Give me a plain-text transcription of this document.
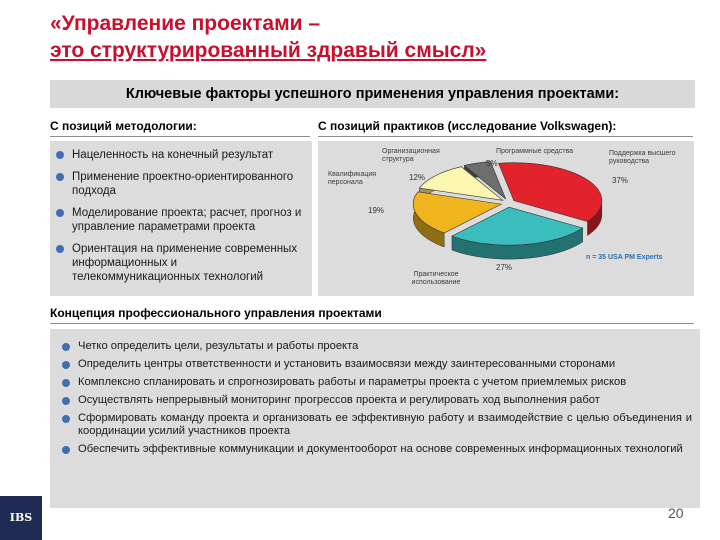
«Управление проектами –
это структурированный здравый смысл»
Ключевые факторы успешного применения управления проектами:
С позиций методологии:
Нацеленность на конечный результат
Применение проектно-ориентированного подхода
Моделирование проекта; расчет, прогноз и управление параметрами проекта
Ориентация на применение современных информационных и телекоммуникационных технологий
С позиций практиков (исследование Volkswagen):
Организационная структура
Программные средства	Поддержка высшего руководства
Квалификация персонала
Практическое использование
12%
5%
37%
19%
27%
n = 35 USA PM Experts
Концепция профессионального управления проектами
Четко определить цели, результаты и работы проекта
Определить центры ответственности и установить взаимосвязи между заинтересованными сторонами
Комплексно спланировать и спрогнозировать работы и параметры проекта с учетом приемлемых рисков
Осуществлять непрерывный мониторинг прогрессов проекта и регулировать ход выполнения работ
Сформировать команду проекта и организовать ее эффективную работу и взаимодействие с целью объединения и координации усилий участников проекта
Обеспечить эффективные коммуникации и документооборот на основе современных информационных технологий
IBS	20
